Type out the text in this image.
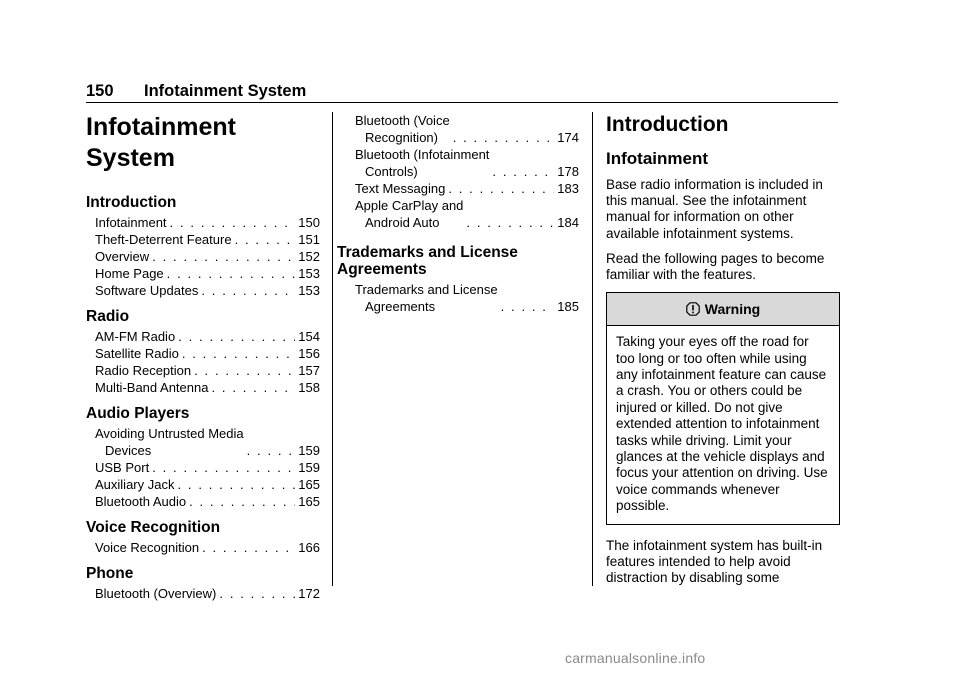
150 Infotainment System
Infotainment
System
Introduction
Infotainment . . .	150
Theft-Deterrent Feature . . .	151
Overview . . .	152
Home Page . . .	153
Software Updates . . .	153
Radio
AM-FM Radio . . .	154
Satellite Radio . . .	156
Radio Reception . . .	157
Multi-Band Antenna . . .	158
Audio Players
Avoiding Untrusted Media
Devices . . .	159
USB Port . . .	159
Auxiliary Jack . . .	165
Bluetooth Audio . . .	165
Voice Recognition
Voice Recognition . . .	166
Phone
Bluetooth (Overview) . . .	172
Bluetooth (Voice
Recognition) . . .	174
Bluetooth (Infotainment
Controls) . . .	178
Text Messaging . . .	183
Apple CarPlay and
Android Auto . . .	184
Trademarks and License
Agreements
Trademarks and License
Agreements . . .	185
Introduction
Infotainment

Base radio information is included in this manual. See the infotainment manual for information on other available infotainment systems.

Read the following pages to become familiar with the features.

Warning
Taking your eyes off the road for too long or too often while using any infotainment feature can cause a crash. You or others could be injured or killed. Do not give extended attention to infotainment tasks while driving. Limit your glances at the vehicle displays and focus your attention on driving. Use voice commands whenever possible.

The infotainment system has built-in features intended to help avoid distraction by disabling some

carmanualsonline.info
